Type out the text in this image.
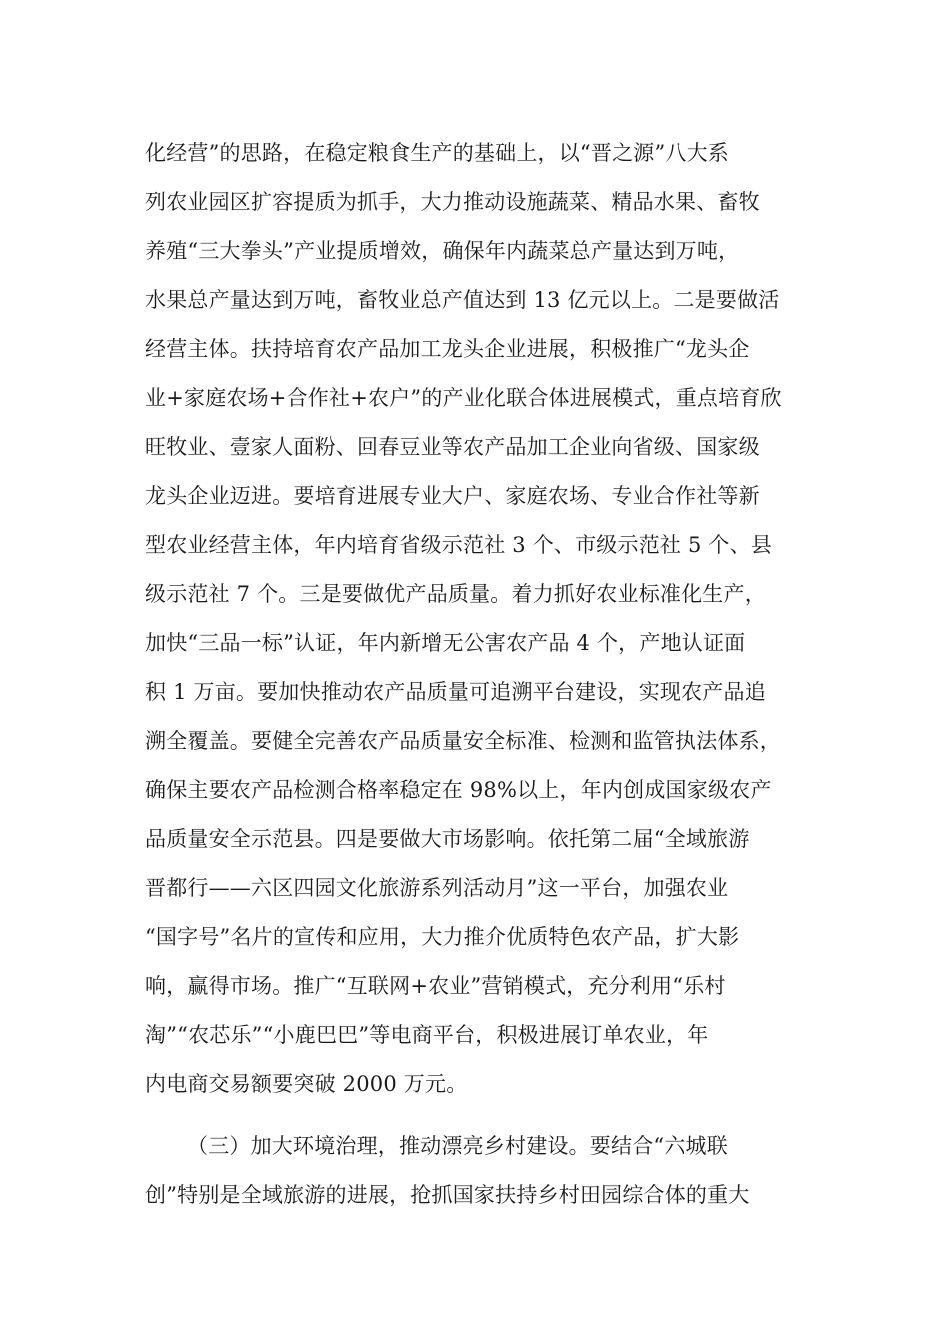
化经营”的思路，在稳定粮食生产的基础上，以“晋之源”八大系
列农业园区扩容提质为抓手，大力推动设施蔬菜、精品水果、畜牧
养殖“三大拳头”产业提质增效，确保年内蔬菜总产量达到万吨，
水果总产量达到万吨，畜牧业总产值达到 13 亿元以上。二是要做活
经营主体。扶持培育农产品加工龙头企业进展，积极推广“龙头企
业+家庭农场+合作社+农户”的产业化联合体进展模式，重点培育欣
旺牧业、壹家人面粉、回春豆业等农产品加工企业向省级、国家级
龙头企业迈进。要培育进展专业大户、家庭农场、专业合作社等新
型农业经营主体，年内培育省级示范社 3 个、市级示范社 5 个、县
级示范社 7 个。三是要做优产品质量。着力抓好农业标准化生产，
加快“三品一标”认证，年内新增无公害农产品 4 个，产地认证面
积 1 万亩。要加快推动农产品质量可追溯平台建设，实现农产品追
溯全覆盖。要健全完善农产品质量安全标准、检测和监管执法体系，
确保主要农产品检测合格率稳定在 98%以上，年内创成国家级农产
品质量安全示范县。四是要做大市场影响。依托第二届“全域旅游
晋都行——六区四园文化旅游系列活动月”这一平台，加强农业
“国字号”名片的宣传和应用，大力推介优质特色农产品，扩大影
响，赢得市场。推广“互联网+农业”营销模式，充分利用“乐村
淘”“农芯乐”“小鹿巴巴”等电商平台，积极进展订单农业，年
内电商交易额要突破 2000 万元。
（三）加大环境治理，推动漂亮乡村建设。要结合“六城联
创”特别是全域旅游的进展，抢抓国家扶持乡村田园综合体的重大
